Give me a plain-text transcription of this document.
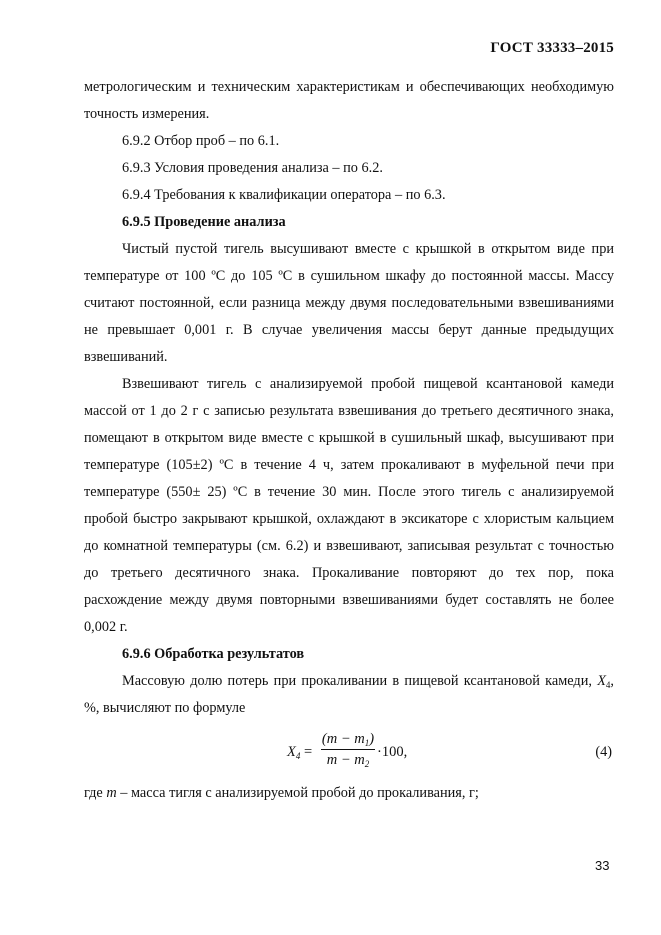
ГОСТ 33333–2015

метрологическим и техническим характеристикам и обеспечивающих необходимую точность измерения.

6.9.2 Отбор проб – по 6.1.

6.9.3 Условия проведения анализа – по 6.2.

6.9.4 Требования к квалификации оператора – по 6.3.

6.9.5 Проведение анализа

Чистый пустой тигель высушивают вместе с крышкой в открытом виде при температуре от 100 ºС до 105 ºС в сушильном шкафу до постоянной массы. Массу считают постоянной, если разница между двумя последовательными взвешиваниями не превышает 0,001 г. В случае увеличения массы берут данные предыдущих взвешиваний.

Взвешивают тигель с анализируемой пробой пищевой ксантановой камеди массой от 1 до 2 г с записью результата взвешивания до третьего десятичного знака, помещают в открытом виде вместе с крышкой в сушильный шкаф, высушивают при температуре (105±2) ºС в течение 4 ч, затем прокаливают в муфельной печи при температуре (550± 25) ºС в течение 30 мин. После этого тигель с анализируемой пробой быстро закрывают крышкой, охлаждают в эксикаторе с хлористым кальцием до комнатной температуры (см. 6.2) и взвешивают, записывая результат с точностью до третьего десятичного знака. Прокаливание повторяют до тех пор, пока расхождение между двумя повторными взвешиваниями будет составлять не более 0,002 г.

6.9.6 Обработка результатов

Массовую долю потерь при прокаливании в пищевой ксантановой камеди, $X_4$, %, вычисляют по формуле

$X_4 = \frac{(m - m_1)}{m - m_2} \cdot 100$,	(4)

где m – масса тигля с анализируемой пробой до прокаливания, г;

33
